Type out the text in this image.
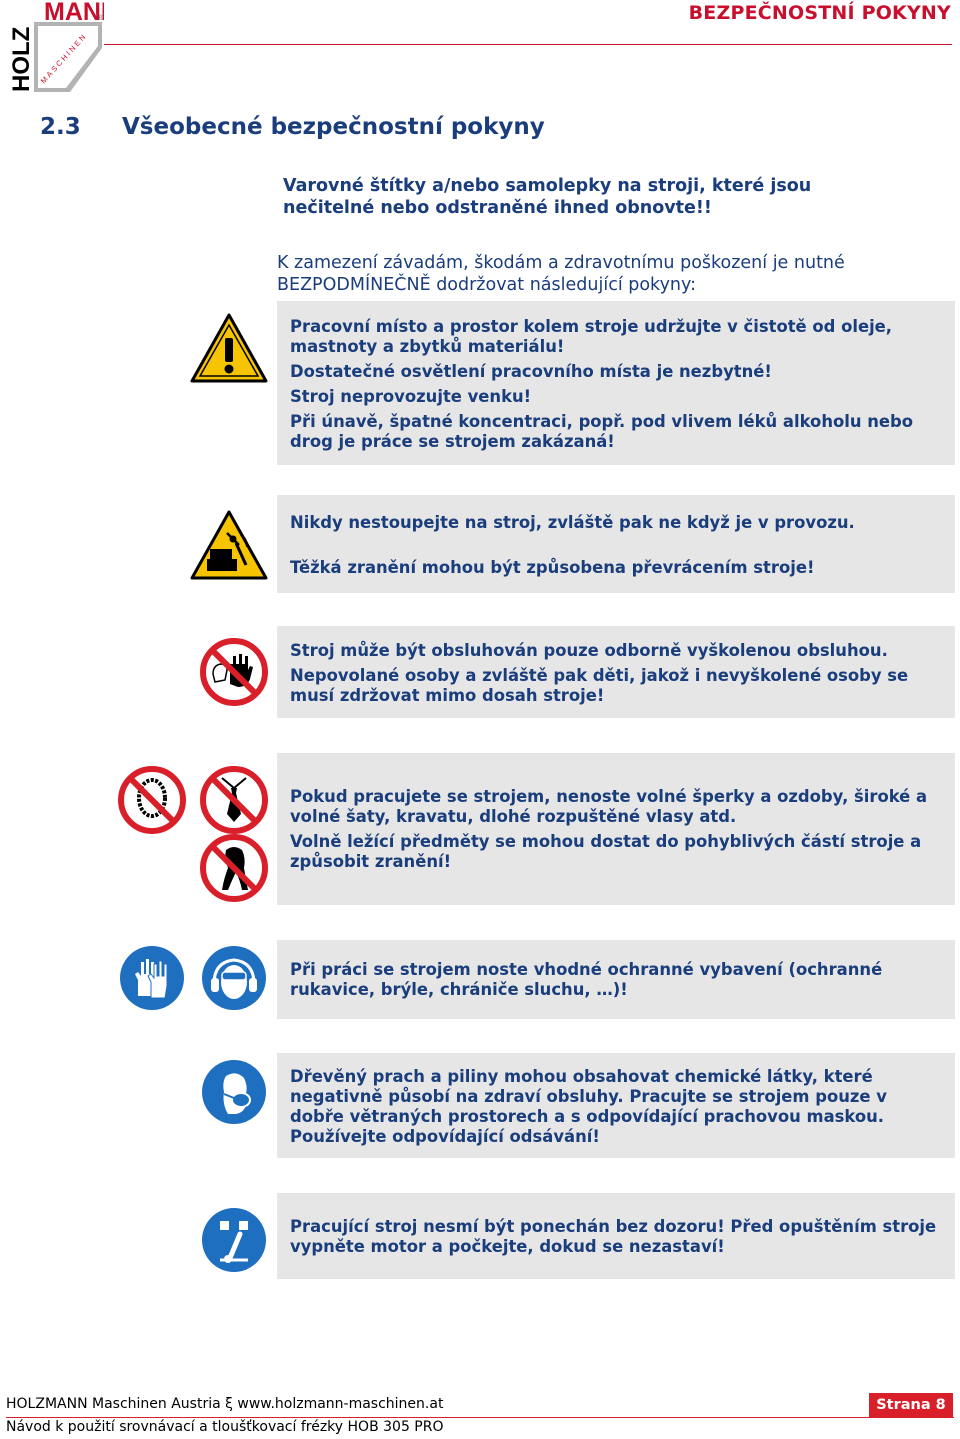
MAN
®
HOLZ MASCHINEN
BEZPEČNOSTNÍ POKYNY
2.3 Všeobecné bezpečnostní pokyny
Varovné štítky a/nebo samolepky na stroji, které jsou nečitelné nebo odstraněné ihned obnovte!!
K zamezení závadám, škodám a zdravotnímu poškození je nutné BEZPODMÍNEČNĚ dodržovat následující pokyny:

Pracovní místo a prostor kolem stroje udržujte v čistotě od oleje, mastnoty a zbytků materiálu!

Dostatečné osvětlení pracovního místa je nezbytné!

Stroj neprovozujte venku!

Při únavě, špatné koncentraci, popř. pod vlivem léků alkoholu nebo drog je práce se strojem zakázaná!

Nikdy nestoupejte na stroj, zvláště pak ne když je v provozu.

Těžká zranění mohou být způsobena převrácením stroje!

Stroj může být obsluhován pouze odborně vyškolenou obsluhou.

Nepovolané osoby a zvláště pak děti, jakož i nevyškolené osoby se musí zdržovat mimo dosah stroje!

Pokud pracujete se strojem, nenoste volné šperky a ozdoby, široké a volné šaty, kravatu, dlohé rozpuštěné vlasy atd.

Volně ležící předměty se mohou dostat do pohyblivých částí stroje a způsobit zranění!

Při práci se strojem noste vhodné ochranné vybavení (ochranné rukavice, brýle, chrániče sluchu, …)!

Dřevěný prach a piliny mohou obsahovat chemické látky, které negativně působí na zdraví obsluhy. Pracujte se strojem pouze v dobře větraných prostorech a s odpovídající prachovou maskou. Používejte odpovídající odsávání!

Pracující stroj nesmí být ponechán bez dozoru! Před opuštěním stroje vypněte motor a počkejte, dokud se nezastaví!

HOLZMANN Maschinen Austria ξ www.holzmann-maschinen.at
Návod k použití srovnávací a tloušťkovací frézky HOB 305 PRO
Strana 8
